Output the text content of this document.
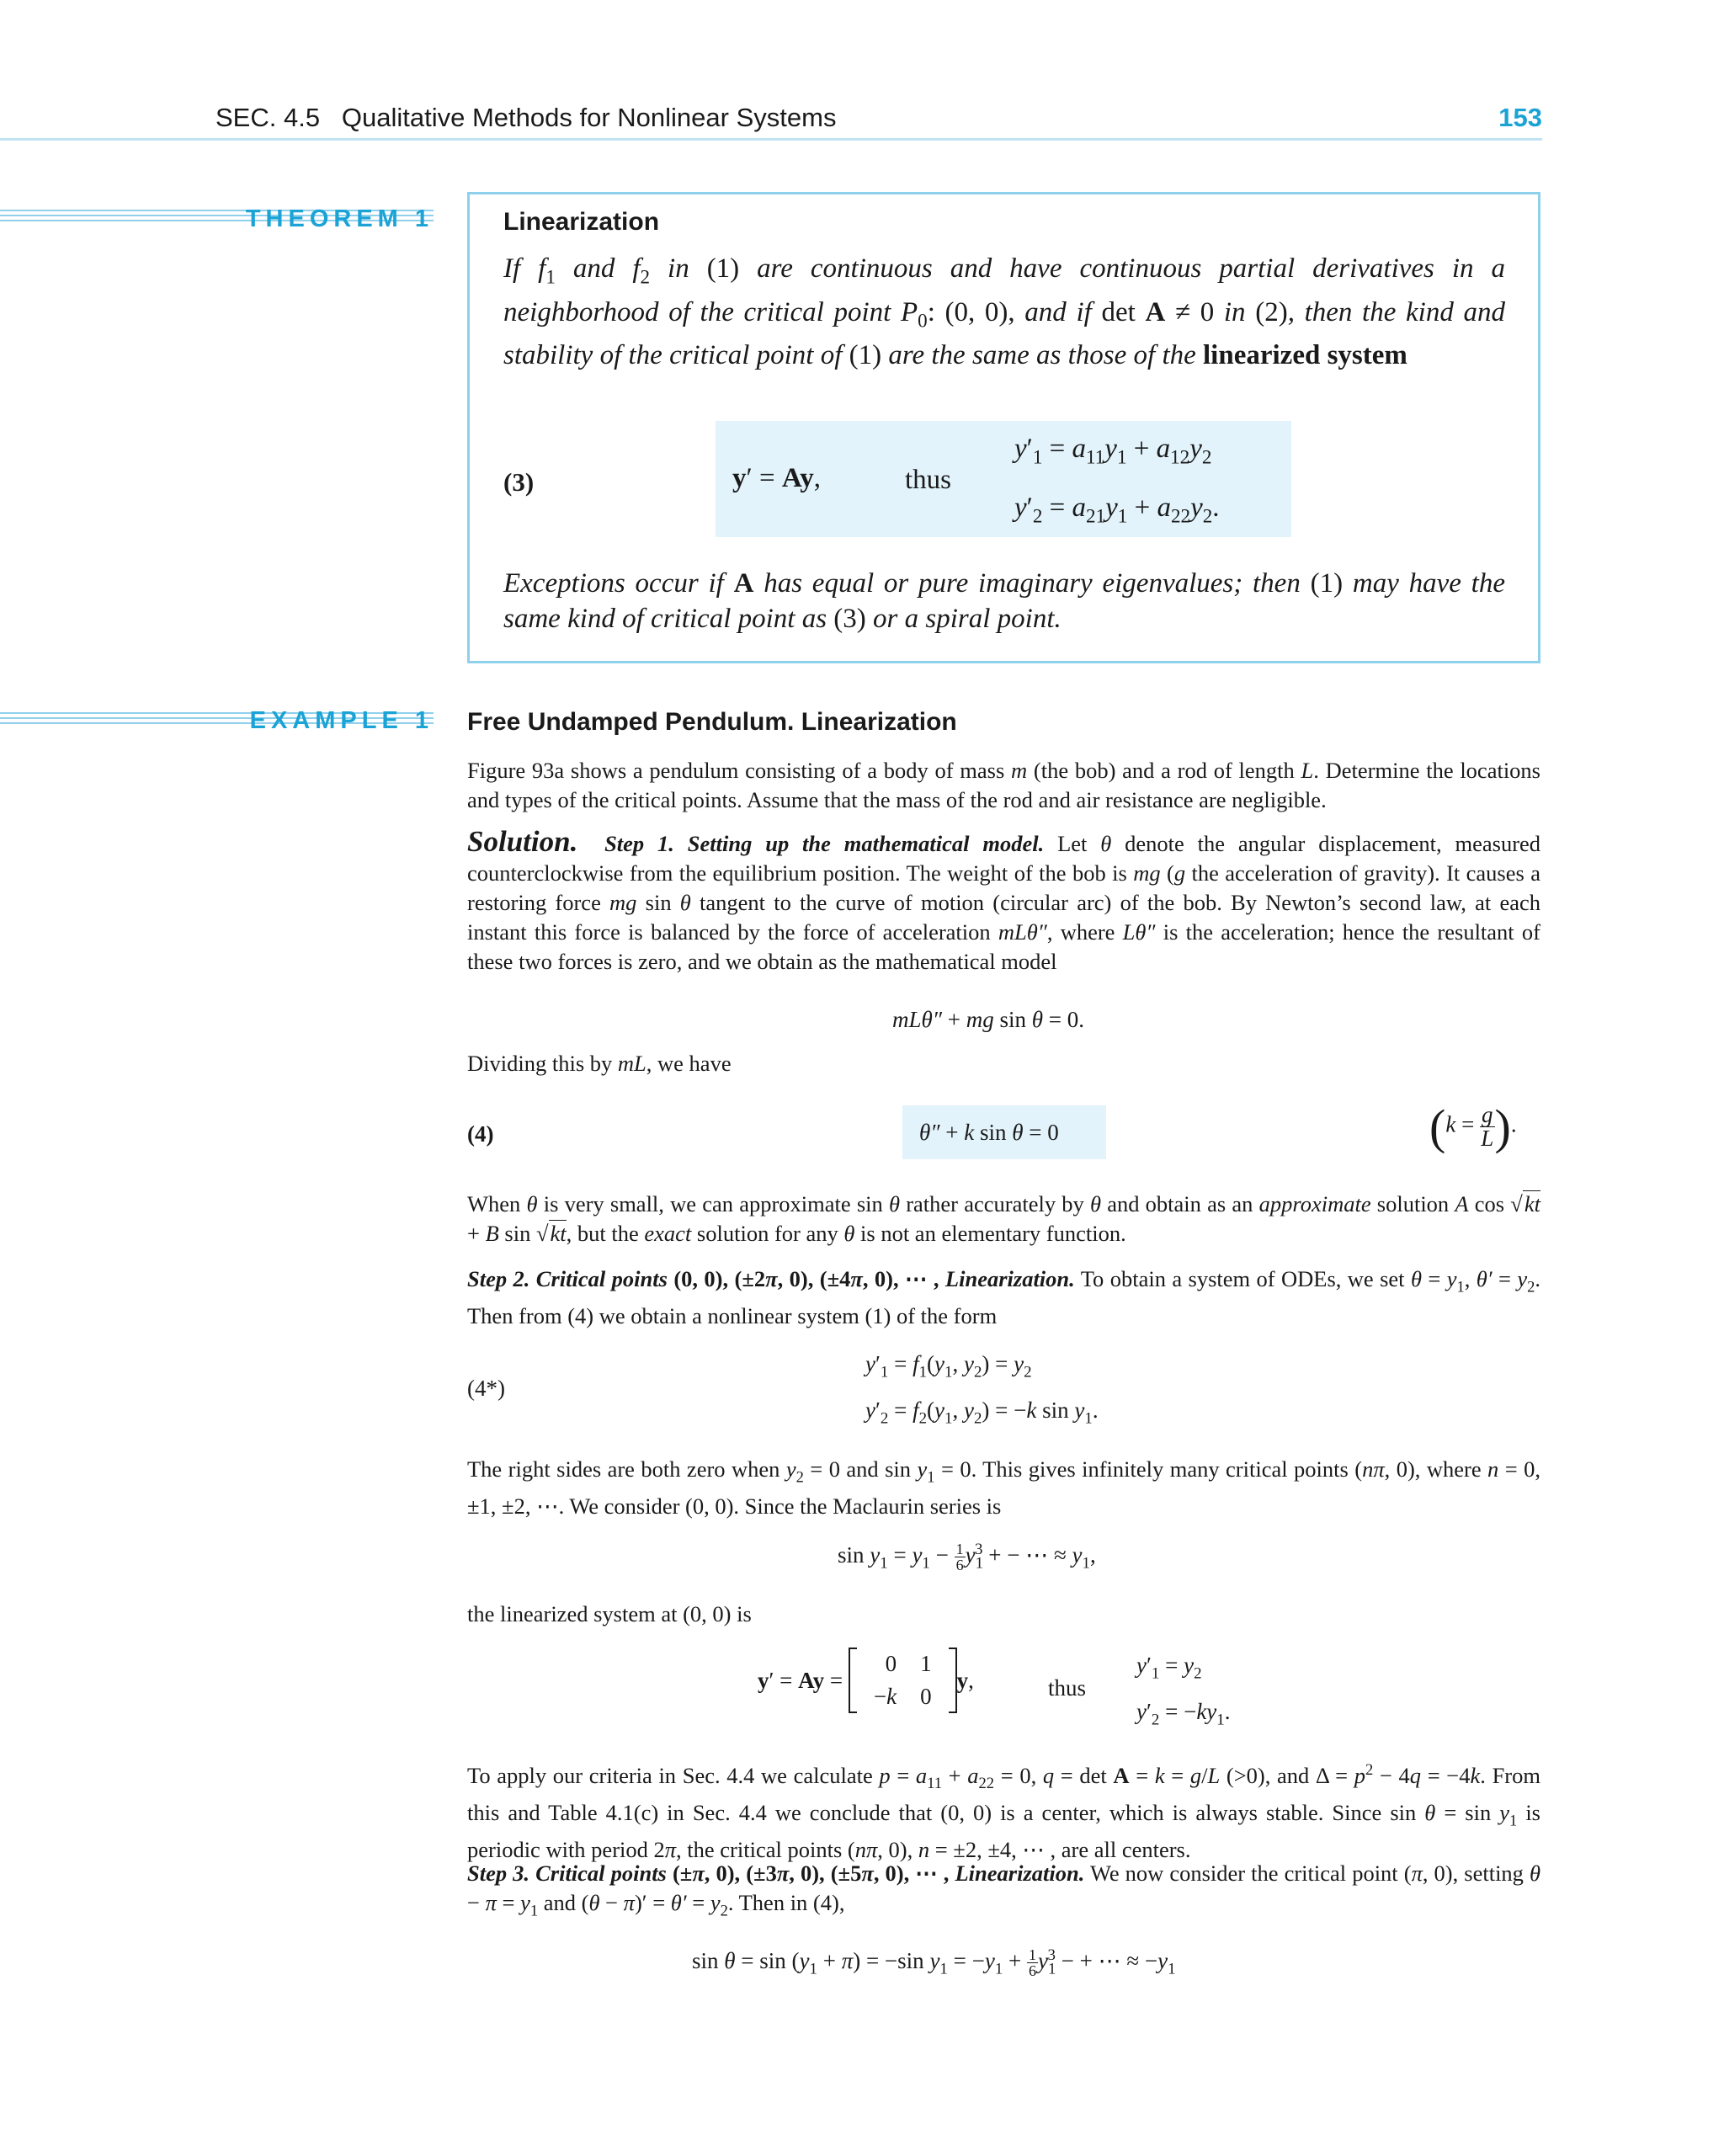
SEC. 4.5 Qualitative Methods for Nonlinear Systems	153
THEOREM 1	Linearization
If $f_1$ and $f_2$ in (1) are continuous and have continuous partial derivatives in a neighborhood of the critical point $P_0$: (0, 0), and if det A ≠ 0 in (2), then the kind and stability of the critical point of (1) are the same as those of the linearized system
(3)	y′ = Ay,	thus
$y'_1 = a_{11}y_1 + a_{12}y_2$
$y'_2 = a_{21}y_1 + a_{22}y_2$.
Exceptions occur if A has equal or pure imaginary eigenvalues; then (1) may have the same kind of critical point as (3) or a spiral point.
EXAMPLE 1 Free Undamped Pendulum. Linearization
Figure 93a shows a pendulum consisting of a body of mass m (the bob) and a rod of length L. Determine the locations and types of the critical points. Assume that the mass of the rod and air resistance are negligible.
Solution. Step 1. Setting up the mathematical model. Let θ denote the angular displacement, measured counterclockwise from the equilibrium position. The weight of the bob is mg (g the acceleration of gravity). It causes a restoring force mg sin θ tangent to the curve of motion (circular arc) of the bob. By Newton’s second law, at each instant this force is balanced by the force of acceleration mLθ″, where Lθ″ is the acceleration; hence the resultant of these two forces is zero, and we obtain as the mathematical model
mLθ″ + mg sin θ = 0.
Dividing this by mL, we have
(4)	θ″ + k sin θ = 0	($k = \frac{g}{L}$ ).
When θ is very small, we can approximate sin θ rather accurately by θ and obtain as an approximate solution A cos √kt + B sin √kt, but the exact solution for any θ is not an elementary function.
Step 2. Critical points (0, 0), (±2π, 0), (±4π, 0), ⋯ , Linearization. To obtain a system of ODEs, we set $\theta = y_1$, $\theta' = y_2$. Then from (4) we obtain a nonlinear system (1) of the form
(4*)
$y'_1 = f_1(y_1$, $y_2) = y_2$
$y'_2 = f_2(y_1$, $y_2) = -k$ $\sin y_1$.
The right sides are both zero when $y_2 = 0$ and $\sin y_1 = 0$. This gives infinitely many critical points (nπ, 0), where n = 0, ±1, ±2, ⋯. We consider (0, 0). Since the Maclaurin series is
$\sin y_1 = y_1 - \frac{1}{6} y_1^3$ + − ⋯ ≈ $y_1$,
the linearized system at (0, 0) is
y′ = Ay =
0	1
−k	0
y,	thus
$y'_1 = y_2$
$y'_2 = -ky_1$.
To apply our criteria in Sec. 4.4 we calculate $p = a_{11} + a_{22} = 0$, q = det A = k = g/L (>0), and $\Delta = p^2 - 4q = -4k$. From this and Table 4.1(c) in Sec. 4.4 we conclude that (0, 0) is a center, which is always stable. Since $\sin \theta = \sin y_1$ is periodic with period 2π, the critical points (nπ, 0), n = ±2, ±4, ⋯ , are all centers.
Step 3. Critical points (±π, 0), (±3π, 0), (±5π, 0), ⋯ , Linearization. We now consider the critical point (π, 0), setting $\theta - \pi = y_1$ and $(\theta - \pi)' = \theta' = y_2$. Then in (4),
$\sin \theta = \sin (y_1 + \pi) = -\sin$ $y_1 = -y_1 + \frac{1}{6} y_1^3$ − + ⋯ ≈ $-y_1$
